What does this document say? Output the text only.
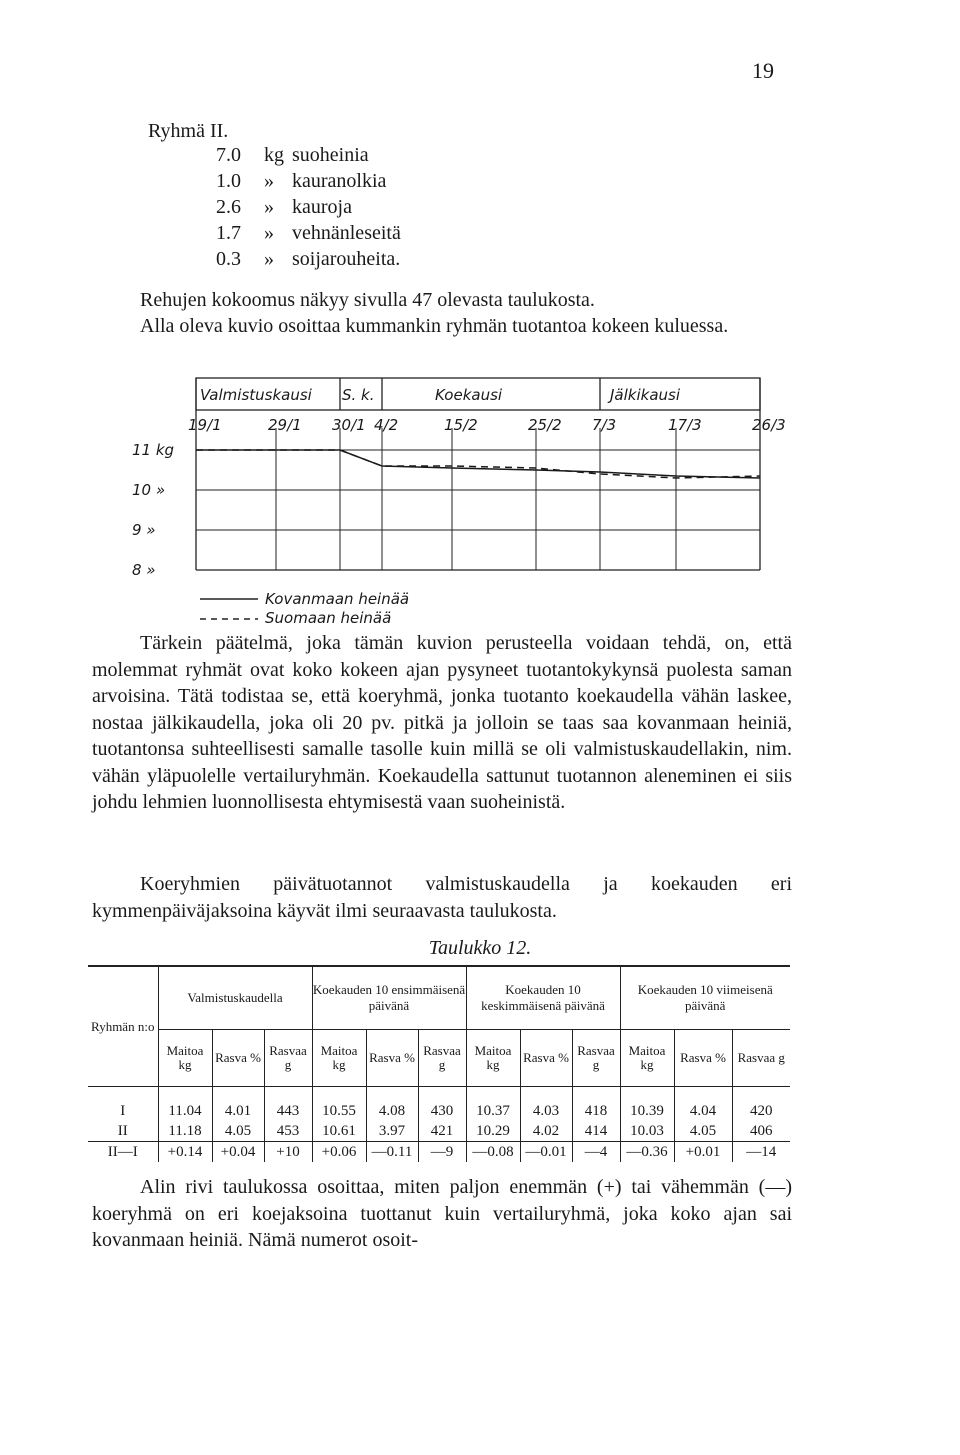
19
Ryhmä II.
7.0 kg suoheinia
1.0 » kauranolkia
2.6 » kauroja
1.7 » vehnänleseitä
0.3 » soijarouheita.
Rehujen kokoomus näkyy sivulla 47 olevasta taulukosta.
Alla oleva kuvio osoittaa kummankin ryhmän tuotantoa kokeen kuluessa.
19/1	29/1 30/1 4/2	15/2	25/2 7/3	17/3	26/3
11 kg
10 »
9 »
8 »
Valmistuskausi S. k.	Koekausi	Jälkikausi
Kovanmaan heinää
Suomaan heinää
Tärkein päätelmä, joka tämän kuvion perusteella voidaan tehdä, on, että molemmat ryhmät ovat koko kokeen ajan pysyneet tuotantokykynsä puolesta saman arvoisina. Tätä todistaa se, että koeryhmä, jonka tuotanto koekaudella vähän laskee, nostaa jälkikaudella, joka oli 20 pv. pitkä ja jolloin se taas saa kovanmaan heiniä, tuotantonsa suhteellisesti samalle tasolle kuin millä se oli valmistuskaudellakin, nim. vähän yläpuolelle vertailuryhmän. Koekaudella sattunut tuotannon aleneminen ei siis johdu lehmien luonnollisesta ehtymisestä vaan suoheinistä.
Koeryhmien päivätuotannot valmistuskaudella ja koekauden eri kymmenpäiväjaksoina käyvät ilmi seuraavasta taulukosta.
Taulukko 12.
Ryhmän n:o	Valmistuskaudella			Koekauden 10 ensimmäisenä päivänä			Koekauden 10 keskimmäisenä päivänä			Koekauden 10 viimeisenä päivänä		
	Maitoa kg	Rasva %	Rasvaa g	Maitoa kg	Rasva %	Rasvaa g	Maitoa kg	Rasva %	Rasvaa g	Maitoa kg	Rasva %	Rasvaa g
I	11.04	4.01	443	10.55	4.08	430	10.37	4.03	418	10.39	4.04	420
II	11.18	4.05	453	10.61	3.97	421	10.29	4.02	414	10.03	4.05	406
II—I	+0.14	+0.04	+10	+0.06	—0.11	—9	—0.08	—0.01	—4	—0.36	+0.01	—14
Alin rivi taulukossa osoittaa, miten paljon enemmän (+) tai vähemmän (—) koeryhmä on eri koejaksoina tuottanut kuin vertailuryhmä, joka koko ajan sai kovanmaan heiniä. Nämä numerot osoit-
